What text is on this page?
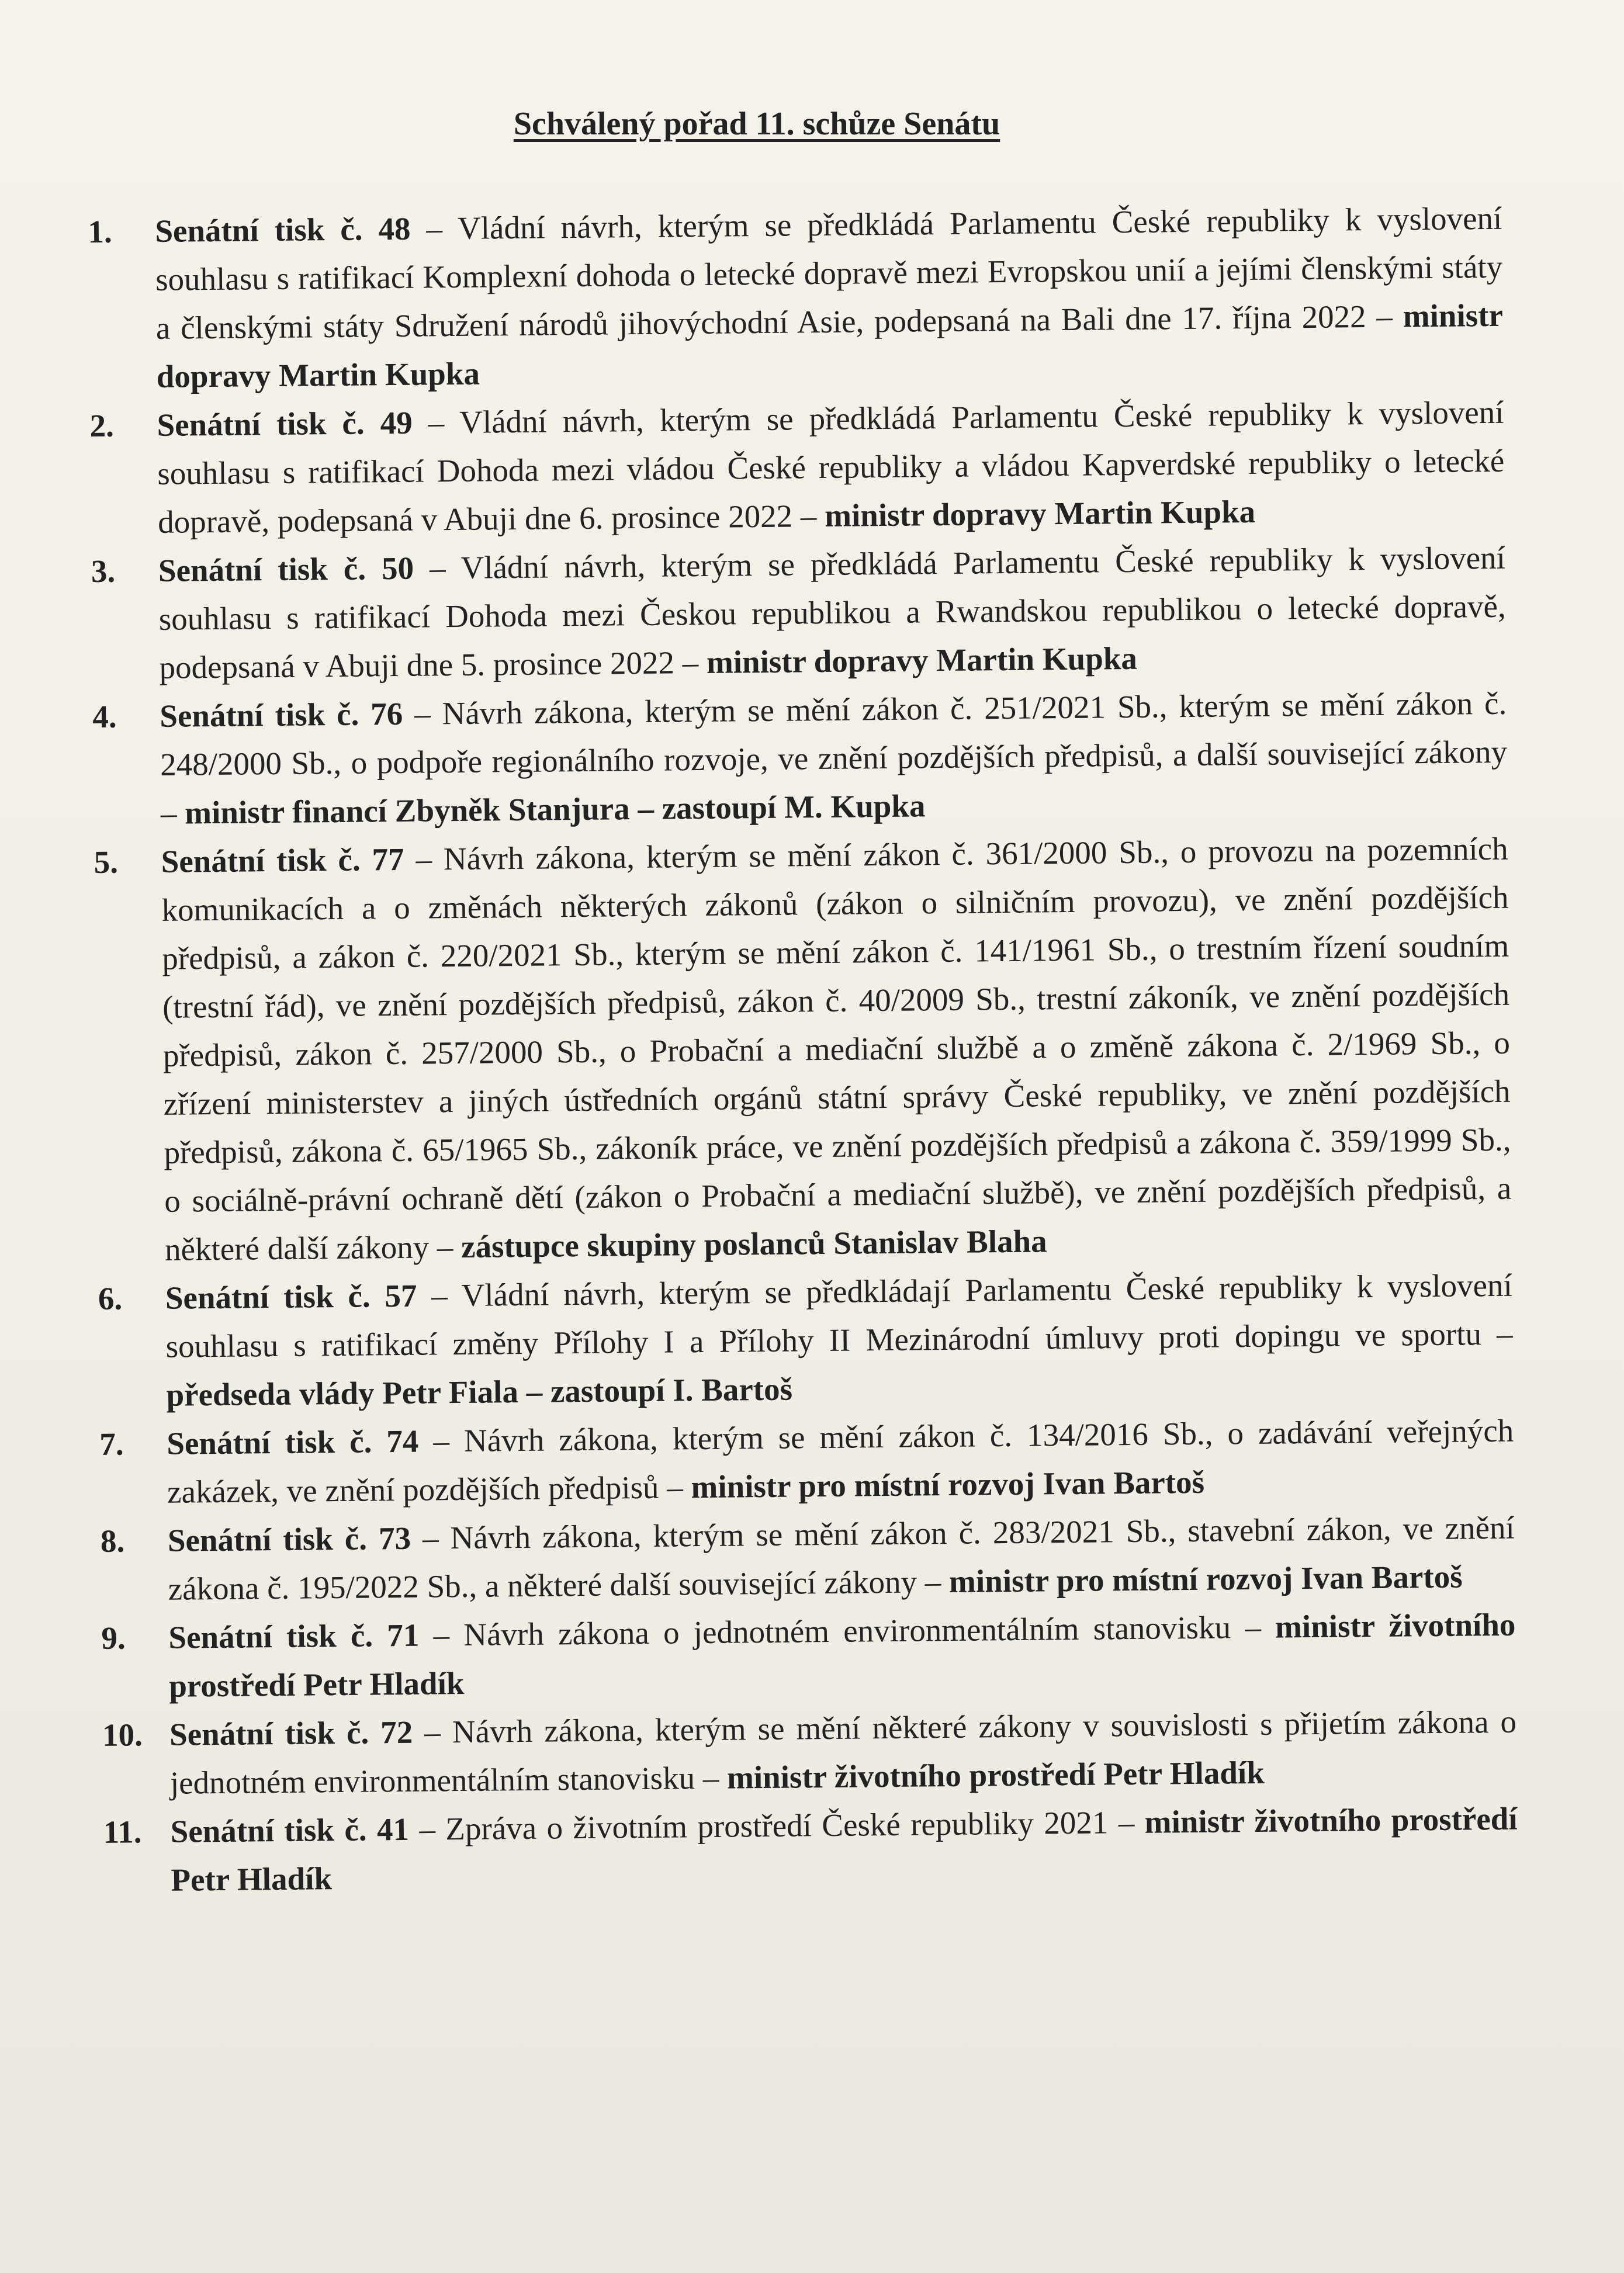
Schválený pořad 11. schůze Senátu
1.	Senátní tisk č. 48 – Vládní návrh, kterým se předkládá Parlamentu České republiky k vyslovení souhlasu s ratifikací Komplexní dohoda o letecké dopravě mezi Evropskou unií a jejími členskými státy a členskými státy Sdružení národů jihovýchodní Asie, podepsaná na Bali dne 17. října 2022 – ministr dopravy Martin Kupka
2.	Senátní tisk č. 49 – Vládní návrh, kterým se předkládá Parlamentu České republiky k vyslovení souhlasu s ratifikací Dohoda mezi vládou České republiky a vládou Kapverdské republiky o letecké dopravě, podepsaná v Abuji dne 6. prosince 2022 – ministr dopravy Martin Kupka
3.	Senátní tisk č. 50 – Vládní návrh, kterým se předkládá Parlamentu České republiky k vyslovení souhlasu s ratifikací Dohoda mezi Českou republikou a Rwandskou republikou o letecké dopravě, podepsaná v Abuji dne 5. prosince 2022 – ministr dopravy Martin Kupka
4.	Senátní tisk č. 76 – Návrh zákona, kterým se mění zákon č. 251/2021 Sb., kterým se mění zákon č. 248/2000 Sb., o podpoře regionálního rozvoje, ve znění pozdějších předpisů, a další související zákony – ministr financí Zbyněk Stanjura – zastoupí M. Kupka
5.	Senátní tisk č. 77 – Návrh zákona, kterým se mění zákon č. 361/2000 Sb., o provozu na pozemních komunikacích a o změnách některých zákonů (zákon o silničním provozu), ve znění pozdějších předpisů, a zákon č. 220/2021 Sb., kterým se mění zákon č. 141/1961 Sb., o trestním řízení soudním (trestní řád), ve znění pozdějších předpisů, zákon č. 40/2009 Sb., trestní zákoník, ve znění pozdějších předpisů, zákon č. 257/2000 Sb., o Probační a mediační službě a o změně zákona č. 2/1969 Sb., o zřízení ministerstev a jiných ústředních orgánů státní správy České republiky, ve znění pozdějších předpisů, zákona č. 65/1965 Sb., zákoník práce, ve znění pozdějších předpisů a zákona č. 359/1999 Sb., o sociálně-právní ochraně dětí (zákon o Probační a mediační službě), ve znění pozdějších předpisů, a některé další zákony – zástupce skupiny poslanců Stanislav Blaha
6.	Senátní tisk č. 57 – Vládní návrh, kterým se předkládají Parlamentu České republiky k vyslovení souhlasu s ratifikací změny Přílohy I a Přílohy II Mezinárodní úmluvy proti dopingu ve sportu – předseda vlády Petr Fiala – zastoupí I. Bartoš
7.	Senátní tisk č. 74 – Návrh zákona, kterým se mění zákon č. 134/2016 Sb., o zadávání veřejných zakázek, ve znění pozdějších předpisů – ministr pro místní rozvoj Ivan Bartoš
8.	Senátní tisk č. 73 – Návrh zákona, kterým se mění zákon č. 283/2021 Sb., stavební zákon, ve znění zákona č. 195/2022 Sb., a některé další související zákony – ministr pro místní rozvoj Ivan Bartoš
9.	Senátní tisk č. 71 – Návrh zákona o jednotném environmentálním stanovisku – ministr životního prostředí Petr Hladík
10. Senátní tisk č. 72 – Návrh zákona, kterým se mění některé zákony v souvislosti s přijetím zákona o jednotném environmentálním stanovisku – ministr životního prostředí Petr Hladík
11. Senátní tisk č. 41 – Zpráva o životním prostředí České republiky 2021 – ministr životního prostředí Petr Hladík
